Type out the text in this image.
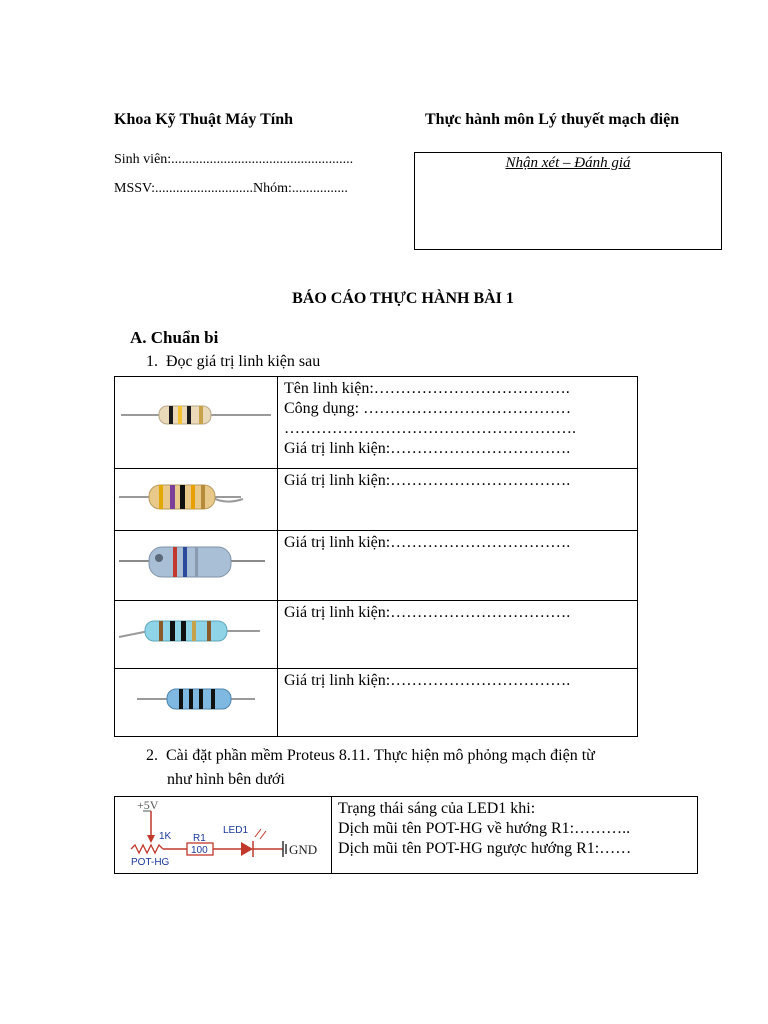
Khoa Kỹ Thuật Máy Tính	Thực hành môn Lý thuyết mạch điện
Sinh viên:....................................................
MSSV:............................Nhóm:................
Nhận xét – Đánh giá
BÁO CÁO THỰC HÀNH BÀI 1
A. Chuẩn bi
1. Đọc giá trị linh kiện sau

Tên linh kiện:……………………………….
Công dụng: …………………………………
……………………………………………….
Giá trị linh kiện:…………………………….

Giá trị linh kiện:…………………………….

Giá trị linh kiện:…………………………….

Giá trị linh kiện:…………………………….

Giá trị linh kiện:…………………………….
2. Cài đặt phần mềm Proteus 8.11. Thực hiện mô phỏng mạch điện từ
như hình bên dưới
+5V
1K
POT-HG
R1
100
LED1
GND

Trạng thái sáng của LED1 khi:
Dịch mũi tên POT-HG về hướng R1:………..
Dịch mũi tên POT-HG ngược hướng R1:……
